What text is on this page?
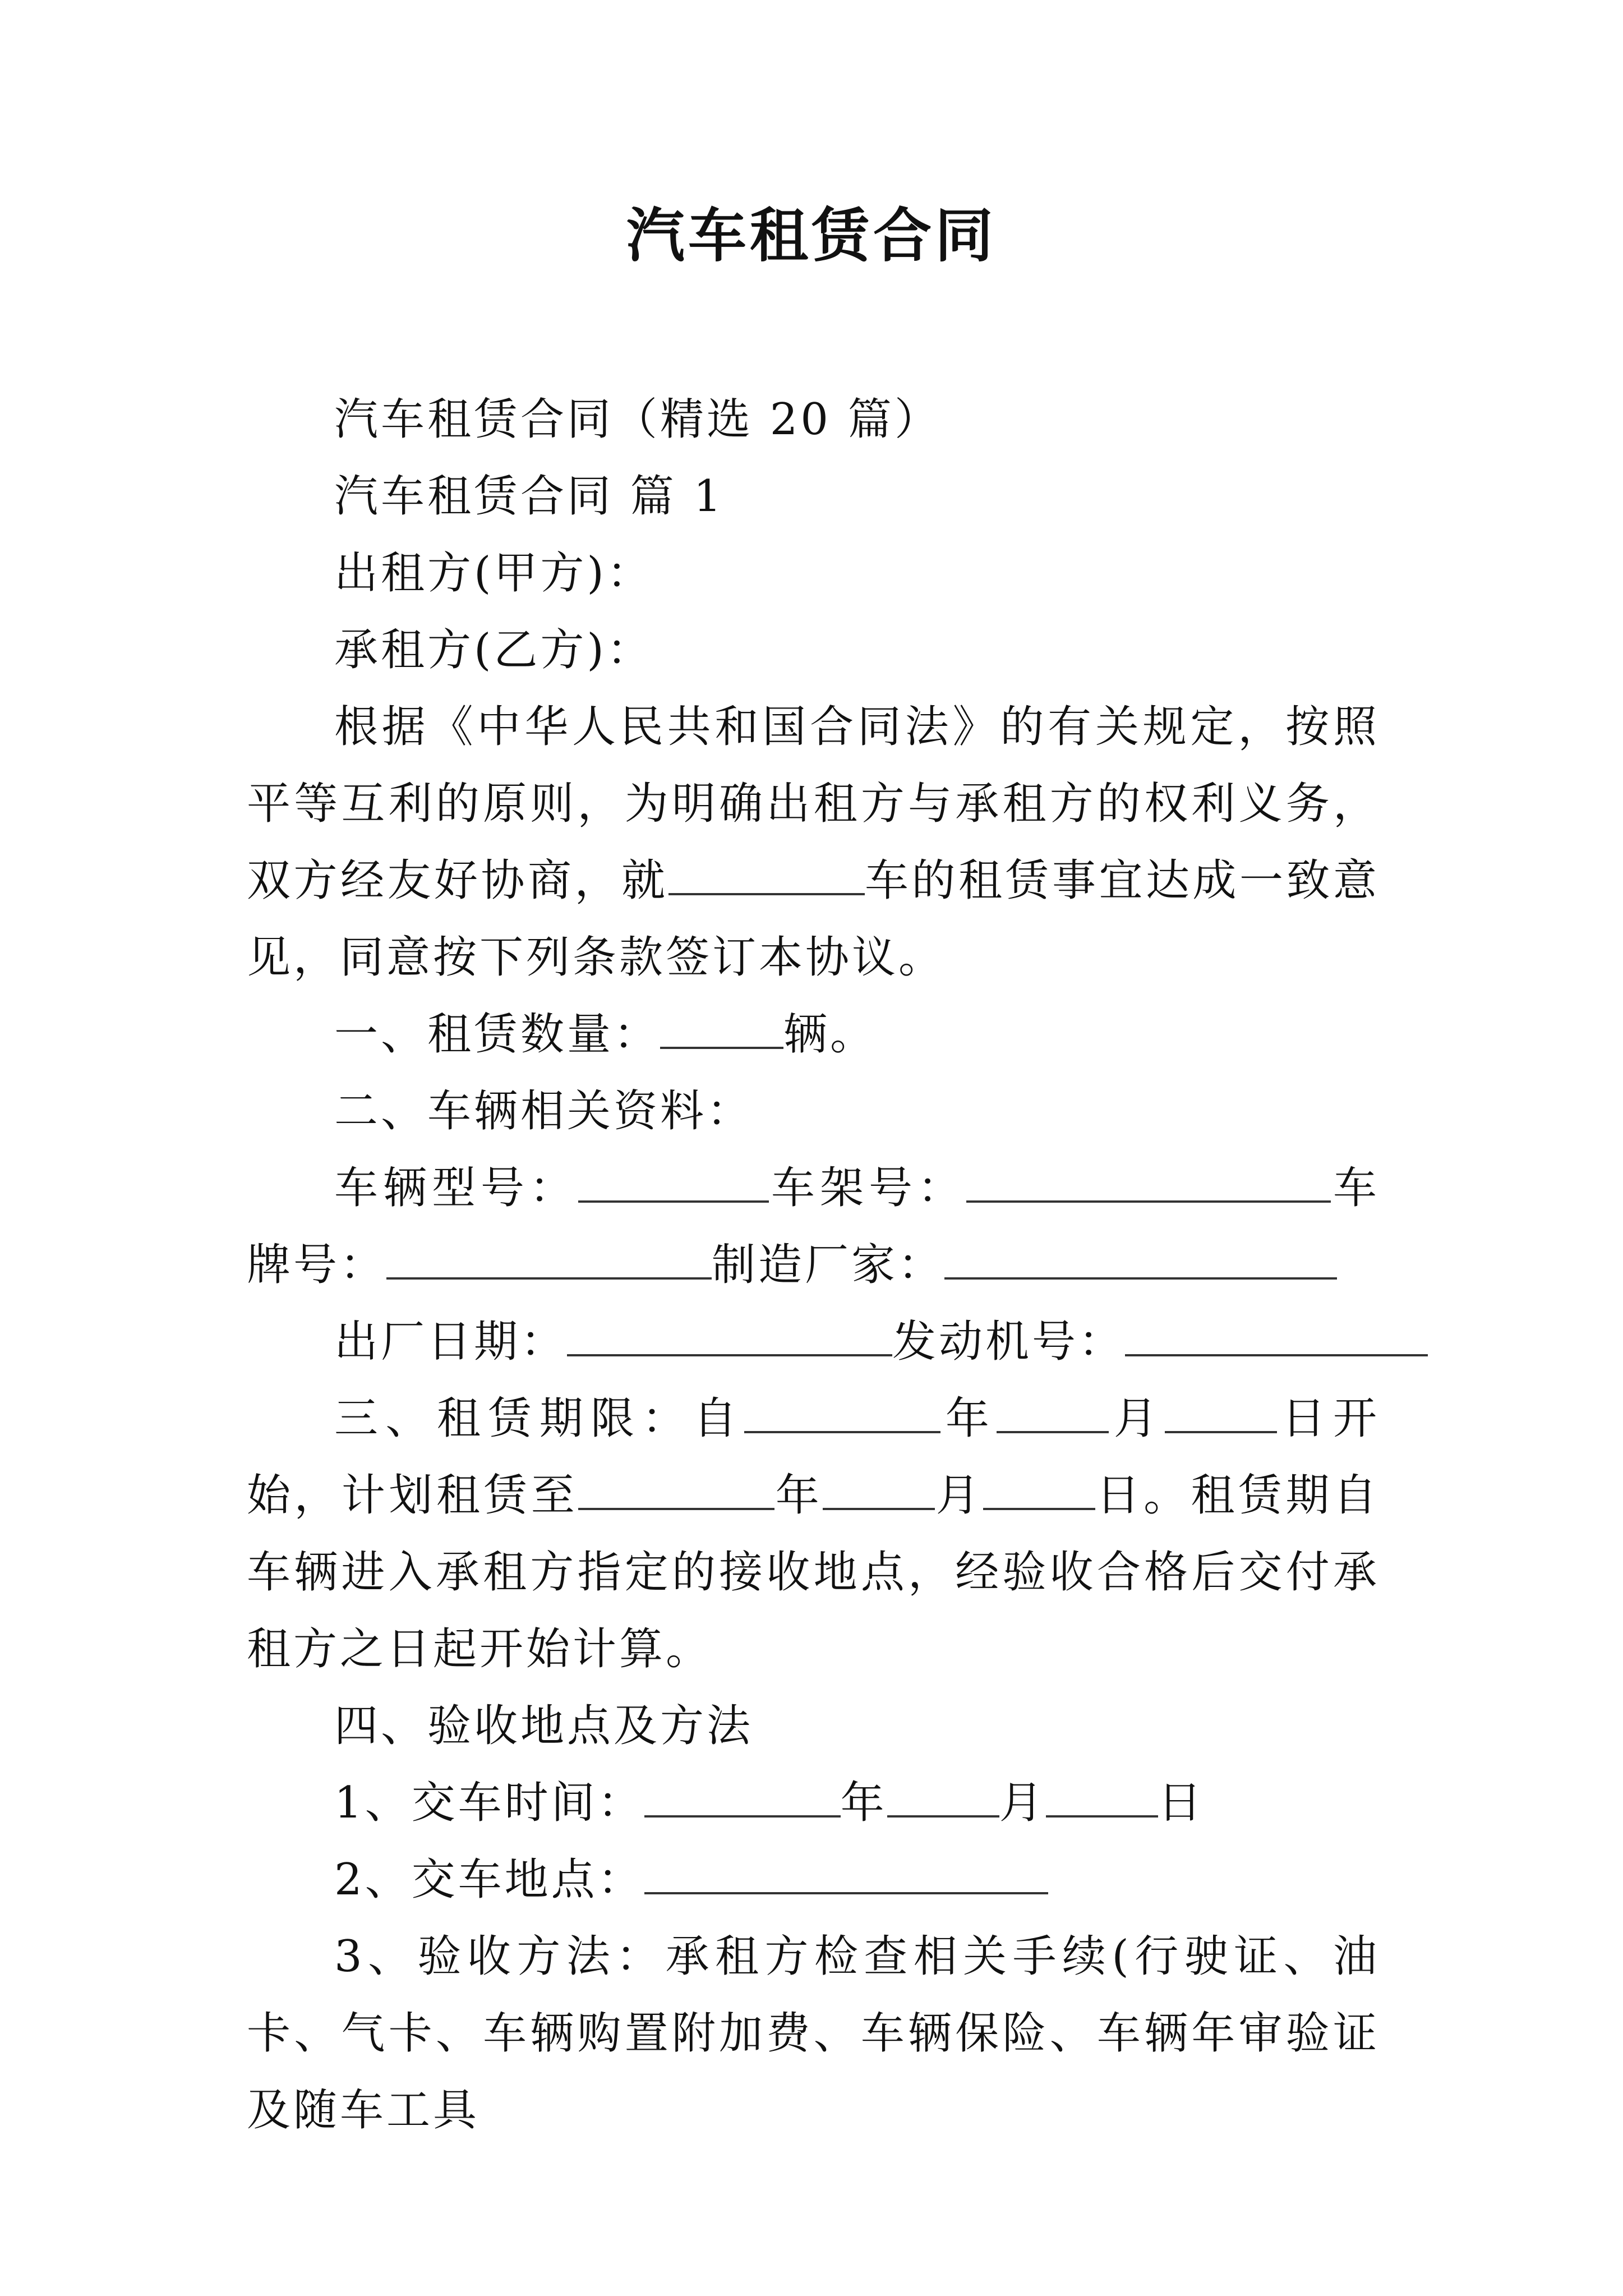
汽车租赁合同

汽车租赁合同（精选 20 篇）

汽车租赁合同 篇 1

出租方(甲方)：

承租方(乙方)：

根据《中华人民共和国合同法》的有关规定，按照平等互利的原则，为明确出租方与承租方的权利义务，双方经友好协商，就	车的租赁事宜达成一致意见，同意按下列条款签订本协议。

一、租赁数量：	辆。

二、车辆相关资料：

车辆型号：	车架号：	车牌号：	制造厂家：

出厂日期：	发动机号：

三、租赁期限：自	年	月	日开始，计划租赁至	年	月	日。租赁期自车辆进入承租方指定的接收地点，经验收合格后交付承租方之日起开始计算。

四、验收地点及方法

1、交车时间：	年	月	日

2、交车地点：

3、验收方法：承租方检查相关手续(行驶证、油卡、气卡、车辆购置附加费、车辆保险、车辆年审验证及随车工具
